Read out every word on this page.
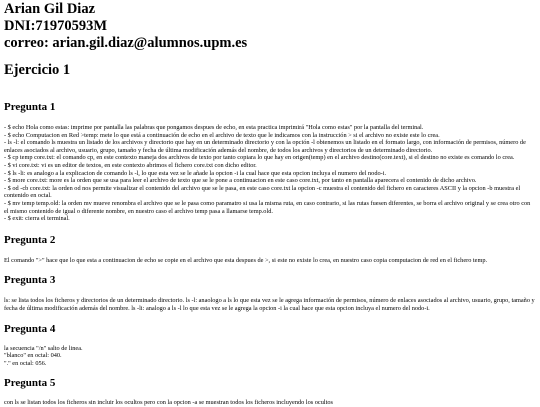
Arian Gil Diaz
DNI:71970593M
correo: arian.gil.diaz@alumnos.upm.es
Ejercicio 1
Pregunta 1

- $ echo Hola como estas: imprime por pantalla las palabras que pongamos despues de echo, en esta practica imprimirá "Hola como estas" por la pantalla del terminal.
- $ echo Computacion en Red >temp: mete lo que está a continuación de echo en el archivo de texto que le indicamos con la instrucción > si el archivo no existe este lo crea.
- ls -l: el comando ls muestra un listado de los archivos y directorio que hay en un determinado directorio y con la opción -l obtenemos un listado en el formato largo, con información de permisos, número de enlaces asociados al archivo, usuario, grupo, tamaño y fecha de última modificación además del nombre, de todos los archivos y directorios de un determinado directorio.
- $ cp temp core.txt: el comando cp, en este contexto maneja dos archivos de texto por tanto copiara lo que hay en origen(temp) en el archivo destino(core.text), si el destino no existe es comando lo crea.
- $ vi core.txt: vi es un editor de textos, en este contexto abrimos el fichero core.txt con dicho editor.
- $ ls -li: es analogo a la explicacion de comando ls -l, lo que esta vez se le añade la opcion -i la cual hace que esta opcion incluya el numero del nodo-i.
- $ more core.txt: more es la orden que se usa para leer el archivo de texto que se le pone a continuacion en este caso core.txt, por tanto en pantalla aparecera el contenido de dicho archivo.
- $ od -cb core.txt: la orden od nos permite visualizar el contenido del archivo que se le pasa, en este caso core.txt la opcion -c muestra el contenido del fichero en caracteres ASCII y la opcion -b muestra el contenido en octal.
- $ mv temp temp.old: la orden mv mueve renombra el archivo que se le pasa como paramatro si usa la misma ruta, en caso contrario, si las rutas fuesen diferentes, se borra el archivo original y se crea otro con el mismo contenido de igual o diferente nombre, en nuestro caso el archivo temp pasa a llamarse temp.old.
- $ exit: cierra el terminal.

Pregunta 2

El comando ">" hace que lo que esta a continuacion de echo se copie en el archivo que esta despues de >, si este no existe lo crea, en nuestro caso copia computacion de red en el fichero temp.

Pregunta 3

ls: se lista todos los ficheros y directorios de un determinado directorio. ls -l: anaologo a ls lo que esta vez se le agrega información de permisos, número de enlaces asociados al archivo, usuario, grupo, tamaño y fecha de última modificación además del nombre. ls -li: analogo a ls -l lo que esta vez se le agrega la opcion -i la cual hace que esta opcion incluya el numero del nodo-i.

Pregunta 4

la secuencia "/n" salto de linea.
"blanco" en octal: 040.
"." en octal: 056.

Pregunta 5

con ls se listan todos los ficheros sin incluir los ocultos pero con la opcion -a se muestran todos los ficheros incluyendo los ocultos
